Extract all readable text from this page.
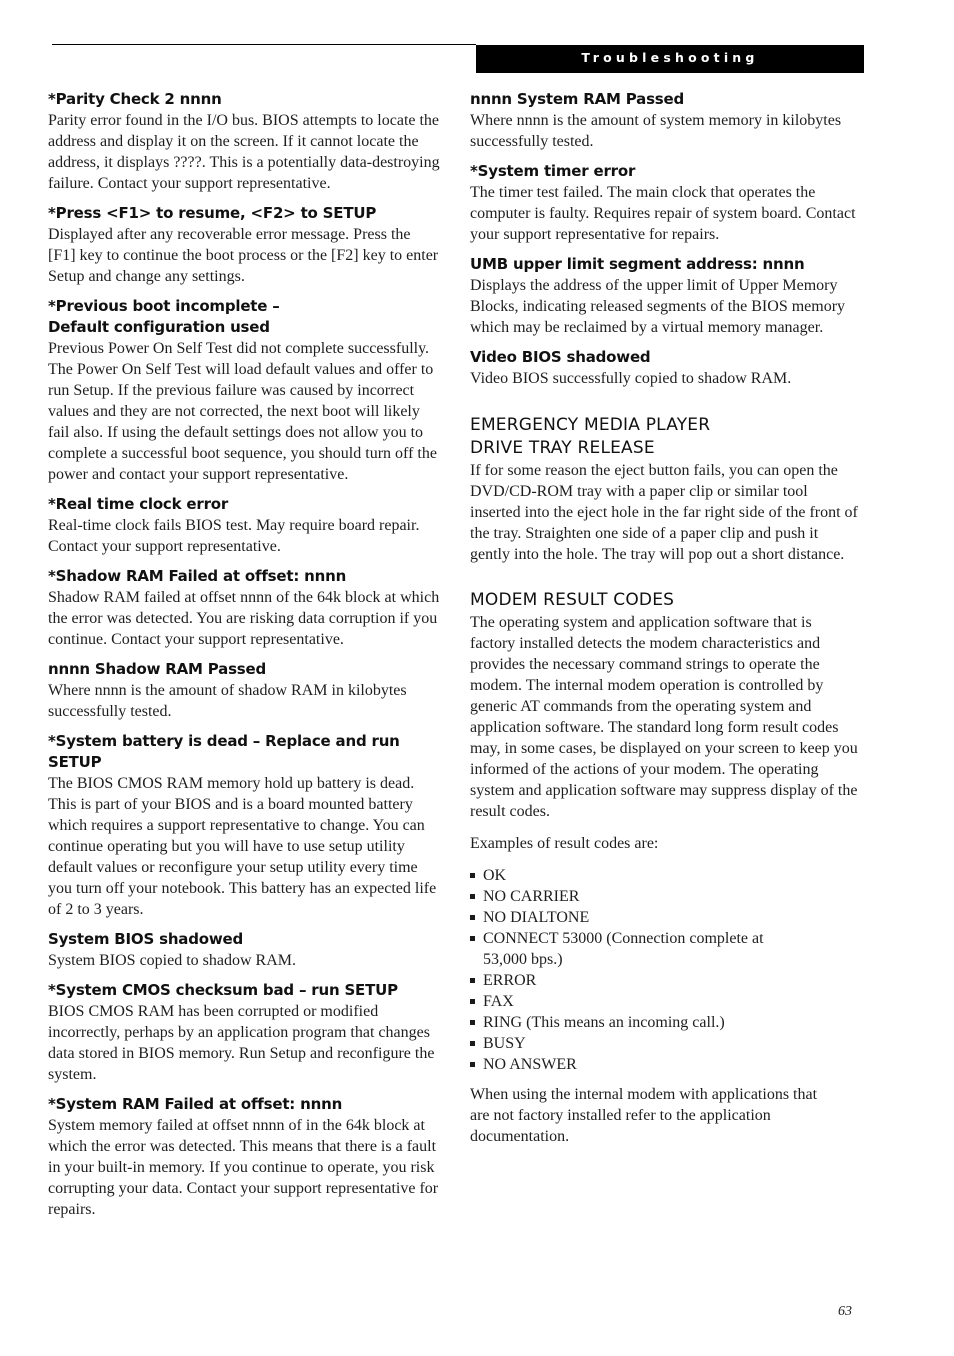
Troubleshooting
*Parity Check 2 nnnn
Parity error found in the I/O bus. BIOS attempts to locate the address and display it on the screen. If it cannot locate the address, it displays ????. This is a potentially data-destroying failure. Contact your support representative.
*Press <F1> to resume, <F2> to SETUP
Displayed after any recoverable error message. Press the [F1] key to continue the boot process or the [F2] key to enter Setup and change any settings.
*Previous boot incomplete – Default configuration used
Previous Power On Self Test did not complete successfully. The Power On Self Test will load default values and offer to run Setup. If the previous failure was caused by incorrect values and they are not corrected, the next boot will likely fail also. If using the default settings does not allow you to complete a successful boot sequence, you should turn off the power and contact your support representative.
*Real time clock error
Real-time clock fails BIOS test. May require board repair. Contact your support representative.
*Shadow RAM Failed at offset: nnnn
Shadow RAM failed at offset nnnn of the 64k block at which the error was detected. You are risking data corruption if you continue. Contact your support representative.
nnnn Shadow RAM Passed
Where nnnn is the amount of shadow RAM in kilobytes successfully tested.
*System battery is dead – Replace and run SETUP
The BIOS CMOS RAM memory hold up battery is dead. This is part of your BIOS and is a board mounted battery which requires a support representative to change. You can continue operating but you will have to use setup utility default values or reconfigure your setup utility every time you turn off your notebook. This battery has an expected life of 2 to 3 years.
System BIOS shadowed
System BIOS copied to shadow RAM.
*System CMOS checksum bad – run SETUP
BIOS CMOS RAM has been corrupted or modified incorrectly, perhaps by an application program that changes data stored in BIOS memory. Run Setup and reconfigure the system.
*System RAM Failed at offset: nnnn
System memory failed at offset nnnn of in the 64k block at which the error was detected. This means that there is a fault in your built-in memory. If you continue to operate, you risk corrupting your data. Contact your support representative for repairs.
nnnn System RAM Passed
Where nnnn is the amount of system memory in kilobytes successfully tested.
*System timer error
The timer test failed. The main clock that operates the computer is faulty. Requires repair of system board. Contact your support representative for repairs.
UMB upper limit segment address: nnnn
Displays the address of the upper limit of Upper Memory Blocks, indicating released segments of the BIOS memory which may be reclaimed by a virtual memory manager.
Video BIOS shadowed
Video BIOS successfully copied to shadow RAM.
EMERGENCY MEDIA PLAYER
DRIVE TRAY RELEASE
If for some reason the eject button fails, you can open the DVD/CD-ROM tray with a paper clip or similar tool inserted into the eject hole in the far right side of the front of the tray. Straighten one side of a paper clip and push it gently into the hole. The tray will pop out a short distance.
MODEM RESULT CODES
The operating system and application software that is factory installed detects the modem characteristics and provides the necessary command strings to operate the modem. The internal modem operation is controlled by generic AT commands from the operating system and application software. The standard long form result codes may, in some cases, be displayed on your screen to keep you informed of the actions of your modem. The operating system and application software may suppress display of the result codes.
Examples of result codes are:
OK
NO CARRIER
NO DIALTONE
CONNECT 53000 (Connection complete at 53,000 bps.)
ERROR
FAX
RING (This means an incoming call.)
BUSY
NO ANSWER
When using the internal modem with applications that are not factory installed refer to the application documentation.
63
